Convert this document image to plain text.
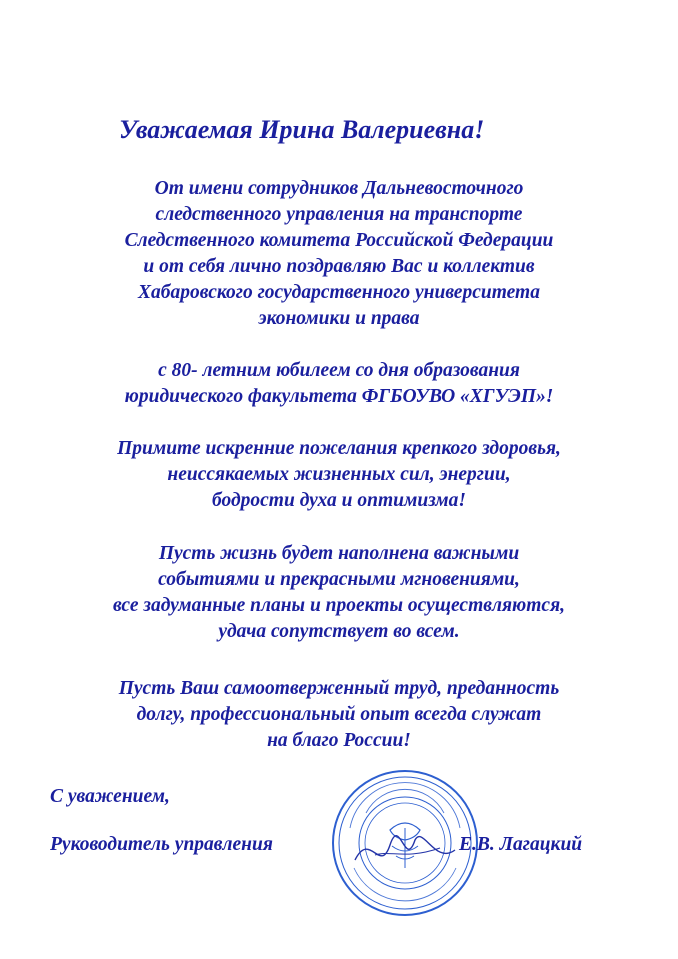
Уважаемая Ирина Валериевна!

От имени сотрудников Дальневосточного

следственного управления на транспорте

Следственного комитета Российской Федерации

и от себя лично поздравляю Вас и коллектив

Хабаровского государственного университета

экономики и права

с 80- летним юбилеем со дня образования

юридического факультета ФГБОУВО «ХГУЭП»!

Примите искренние пожелания крепкого здоровья,

неиссякаемых жизненных сил, энергии,

бодрости духа и оптимизма!

Пусть жизнь будет наполнена важными

событиями и прекрасными мгновениями,

все задуманные планы и проекты осуществляются,

удача сопутствует во всем.

Пусть Ваш самоотверженный труд, преданность

долгу, профессиональный опыт всегда служат

на благо России!

С уважением,

Руководитель управления	Е.В. Лагацкий
